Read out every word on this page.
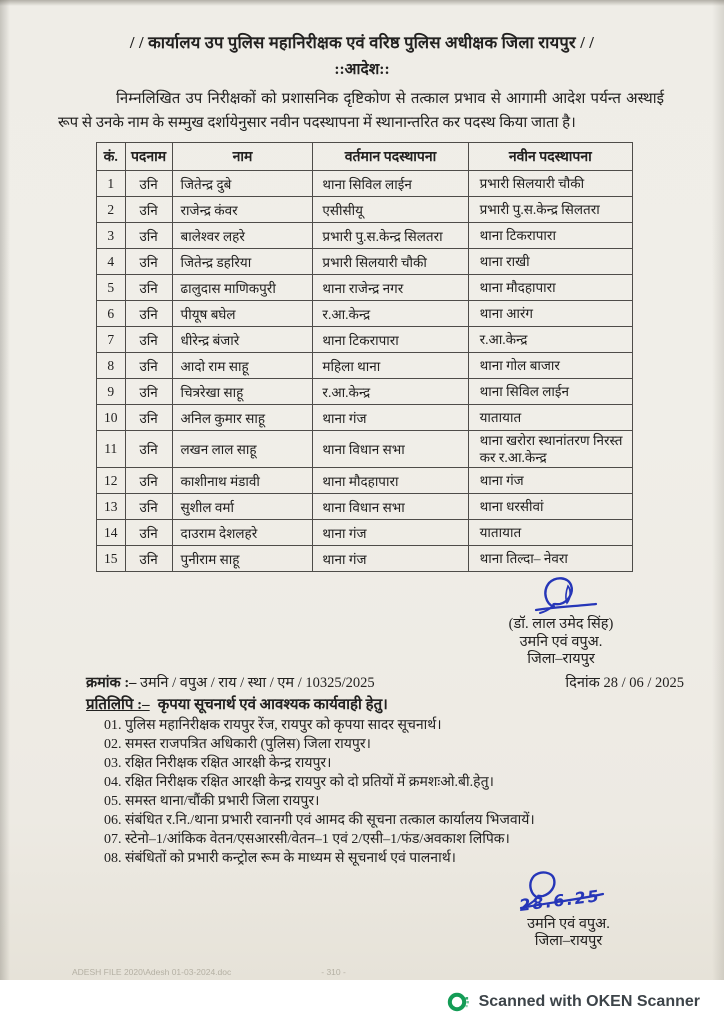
/ / कार्यालय उप पुलिस महानिरीक्षक एवं वरिष्ठ पुलिस अधीक्षक जिला रायपुर / /
::आदेश::

निम्नलिखित उप निरीक्षकों को प्रशासनिक दृष्टिकोण से तत्काल प्रभाव से आगामी आदेश पर्यन्त अस्थाई रूप से उनके नाम के सम्मुख दर्शायेनुसार नवीन पदस्थापना में स्थानान्तरित कर पदस्थ किया जाता है।

कं.	पदनाम	नाम	वर्तमान पदस्थापना	नवीन पदस्थापना
1	उनि	जितेन्द्र दुबे	थाना सिविल लाईन	प्रभारी सिलयारी चौकी
2	उनि	राजेन्द्र कंवर	एसीसीयू	प्रभारी पु.स.केन्द्र सिलतरा
3	उनि	बालेश्वर लहरे	प्रभारी पु.स.केन्द्र सिलतरा	थाना टिकरापारा
4	उनि	जितेन्द्र डहरिया	प्रभारी सिलयारी चौकी	थाना राखी
5	उनि	ढालुदास माणिकपुरी	थाना राजेन्द्र नगर	थाना मौदहापारा
6	उनि	पीयूष बघेल	र.आ.केन्द्र	थाना आरंग
7	उनि	धीरेन्द्र बंजारे	थाना टिकरापारा	र.आ.केन्द्र
8	उनि	आदो राम साहू	महिला थाना	थाना गोल बाजार
9	उनि	चित्ररेखा साहू	र.आ.केन्द्र	थाना सिविल लाईन
10	उनि	अनिल कुमार साहू	थाना गंज	यातायात
11	उनि	लखन लाल साहू	थाना विधान सभा	थाना खरोरा स्थानांतरण निरस्त कर र.आ.केन्द्र
12	उनि	काशीनाथ मंडावी	थाना मौदहापारा	थाना गंज
13	उनि	सुशील वर्मा	थाना विधान सभा	थाना धरसीवां
14	उनि	दाउराम देशलहरे	थाना गंज	यातायात
15	उनि	पुनीराम साहू	थाना गंज	थाना तिल्दा– नेवरा
(डॉ. लाल उमेद सिंह)
उमनि एवं वपुअ.
जिला–रायपुर
क्रमांक :– उमनि / वपुअ / राय / स्था / एम / 10325/2025	दिनांक 28 / 06 / 2025
प्रतिलिपि :– कृपया सूचनार्थ एवं आवश्यक कार्यवाही हेतु।
01. पुलिस महानिरीक्षक रायपुर रेंज, रायपुर को कृपया सादर सूचनार्थ।
02. समस्त राजपत्रित अधिकारी (पुलिस) जिला रायपुर।
03. रक्षित निरीक्षक रक्षित आरक्षी केन्द्र रायपुर।
04. रक्षित निरीक्षक रक्षित आरक्षी केन्द्र रायपुर को दो प्रतियों में क्रमशःओ.बी.हेतु।
05. समस्त थाना/चौंकी प्रभारी जिला रायपुर।
06. संबंधित र.नि./थाना प्रभारी रवानगी एवं आमद की सूचना तत्काल कार्यालय भिजवायें।
07. स्टेनो–1/आंकिक वेतन/एसआरसी/वेतन–1 एवं 2/एसी–1/फंड/अवकाश लिपिक।
08. संबंधितों को प्रभारी कन्ट्रोल रूम के माध्यम से सूचनार्थ एवं पालनार्थ।
28.6.25
उमनि एवं वपुअ.
जिला–रायपुर
ADESH FILE 2020\Adesh 01-03-2024.doc	- 310 -
Scanned with OKEN Scanner
